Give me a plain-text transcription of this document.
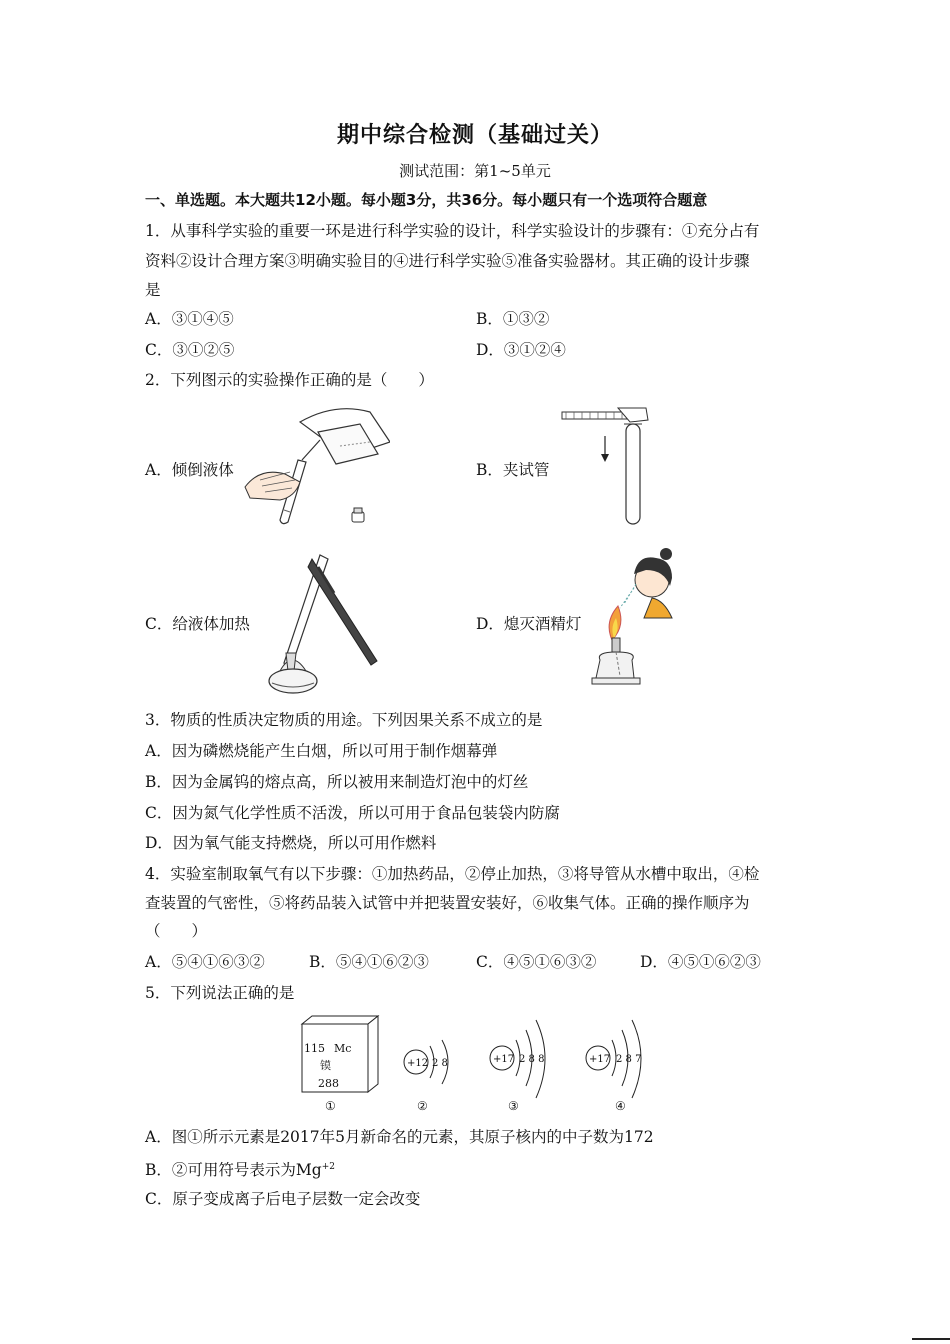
期中综合检测（基础过关）
测试范围：第1~5单元
一、单选题。本大题共12小题。每小题3分，共36分。每小题只有一个选项符合题意
1．从事科学实验的重要一环是进行科学实验的设计，科学实验设计的步骤有：①充分占有
资料②设计合理方案③明确实验目的④进行科学实验⑤准备实验器材。其正确的设计步骤
是
A．③①④⑤	B．①③②
C．③①②⑤	D．③①②④
2．下列图示的实验操作正确的是（　　）
A．倾倒液体	B．夹试管
C．给液体加热	D．熄灭酒精灯
3．物质的性质决定物质的用途。下列因果关系不成立的是
A．因为磷燃烧能产生白烟，所以可用于制作烟幕弹
B．因为金属钨的熔点高，所以被用来制造灯泡中的灯丝
C．因为氮气化学性质不活泼，所以可用于食品包装袋内防腐
D．因为氧气能支持燃烧，所以可用作燃料
4．实验室制取氧气有以下步骤：①加热药品，②停止加热，③将导管从水槽中取出，④检
查装置的气密性，⑤将药品装入试管中并把装置安装好，⑥收集气体。正确的操作顺序为
（　　）
A．⑤④①⑥③②	B．⑤④①⑥②③	C．④⑤①⑥③②	D．④⑤①⑥②③
5．下列说法正确的是
115 Mc
镆
288
+12 2 8	+17 2 8 8	+17 2 8 7
①	②	③	④
A．图①所示元素是2017年5月新命名的元素，其原子核内的中子数为172
B．②可用符号表示为$Mg^{+2}$
C．原子变成离子后电子层数一定会改变
